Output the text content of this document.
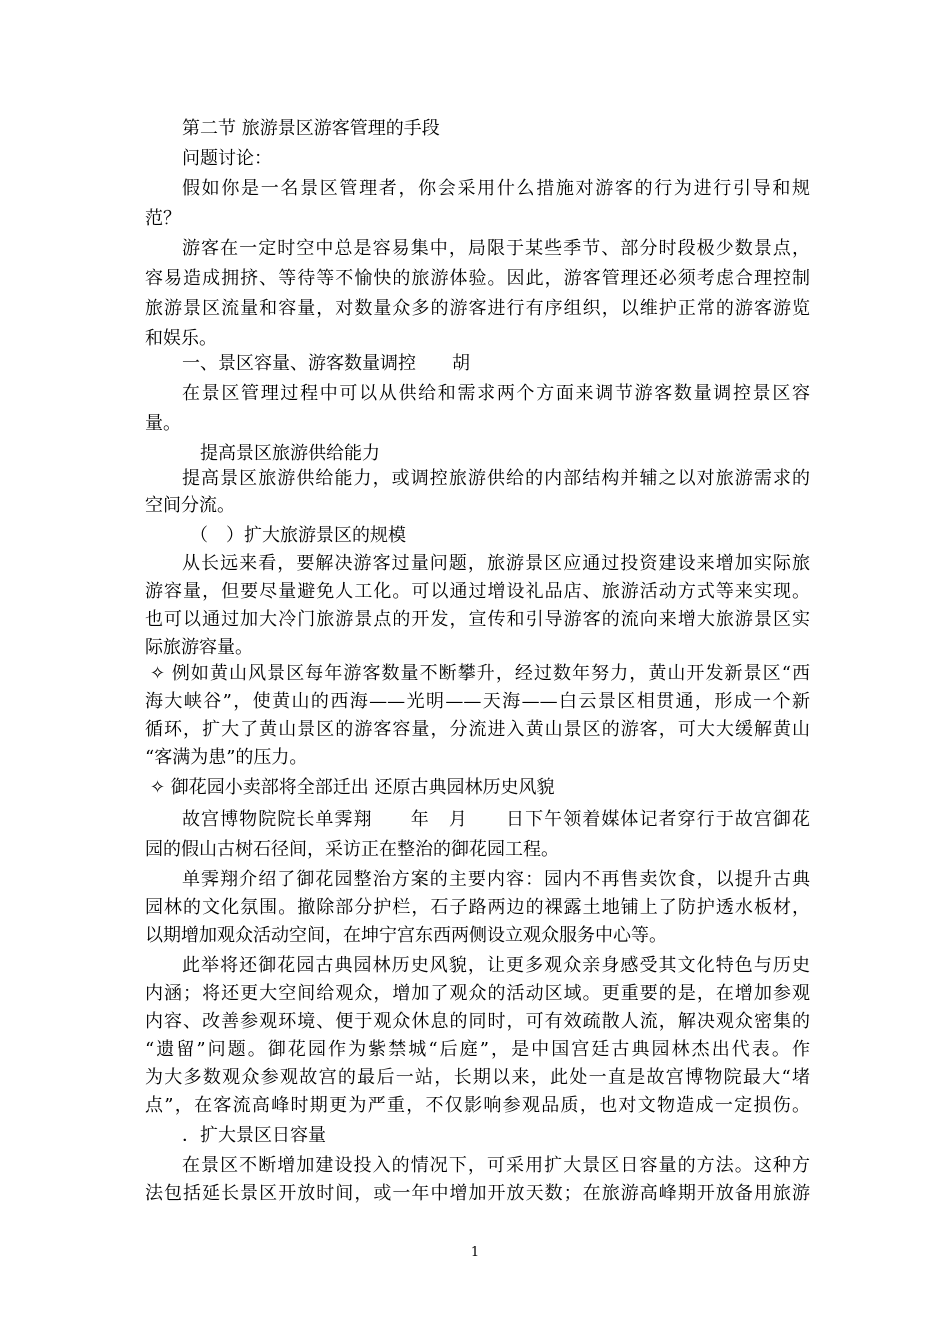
第二节 旅游景区游客管理的手段

问题讨论：

假如你是一名景区管理者，你会采用什么措施对游客的行为进行引导和规

范？

游客在一定时空中总是容易集中，局限于某些季节、部分时段极少数景点，

容易造成拥挤、等待等不愉快的旅游体验。因此，游客管理还必须考虑合理控制

旅游景区流量和容量，对数量众多的游客进行有序组织，以维护正常的游客游览

和娱乐。

一、景区容量、游客数量调控　　胡

在景区管理过程中可以从供给和需求两个方面来调节游客数量调控景区容

量。

提高景区旅游供给能力

提高景区旅游供给能力，或调控旅游供给的内部结构并辅之以对旅游需求的

空间分流。

（　）扩大旅游景区的规模

从长远来看，要解决游客过量问题，旅游景区应通过投资建设来增加实际旅

游容量，但要尽量避免人工化。可以通过增设礼品店、旅游活动方式等来实现。

也可以通过加大冷门旅游景点的开发，宣传和引导游客的流向来增大旅游景区实

际旅游容量。

✧ 例如黄山风景区每年游客数量不断攀升，经过数年努力，黄山开发新景区“西

海大峡谷”，使黄山的西海——光明——天海——白云景区相贯通，形成一个新

循环，扩大了黄山景区的游客容量，分流进入黄山景区的游客，可大大缓解黄山

“客满为患”的压力。

✧ 御花园小卖部将全部迁出 还原古典园林历史风貌

故宫博物院院长单霁翔　　年　月　　日下午领着媒体记者穿行于故宫御花

园的假山古树石径间，采访正在整治的御花园工程。

单霁翔介绍了御花园整治方案的主要内容：园内不再售卖饮食，以提升古典

园林的文化氛围。撤除部分护栏，石子路两边的裸露土地铺上了防护透水板材，

以期增加观众活动空间，在坤宁宫东西两侧设立观众服务中心等。

此举将还御花园古典园林历史风貌，让更多观众亲身感受其文化特色与历史

内涵；将还更大空间给观众，增加了观众的活动区域。更重要的是，在增加参观

内容、改善参观环境、便于观众休息的同时，可有效疏散人流，解决观众密集的

“遗留”问题。御花园作为紫禁城“后庭”，是中国宫廷古典园林杰出代表。作

为大多数观众参观故宫的最后一站，长期以来，此处一直是故宫博物院最大“堵

点”，在客流高峰时期更为严重，不仅影响参观品质，也对文物造成一定损伤。

．扩大景区日容量

在景区不断增加建设投入的情况下，可采用扩大景区日容量的方法。这种方

法包括延长景区开放时间，或一年中增加开放天数；在旅游高峰期开放备用旅游

1
